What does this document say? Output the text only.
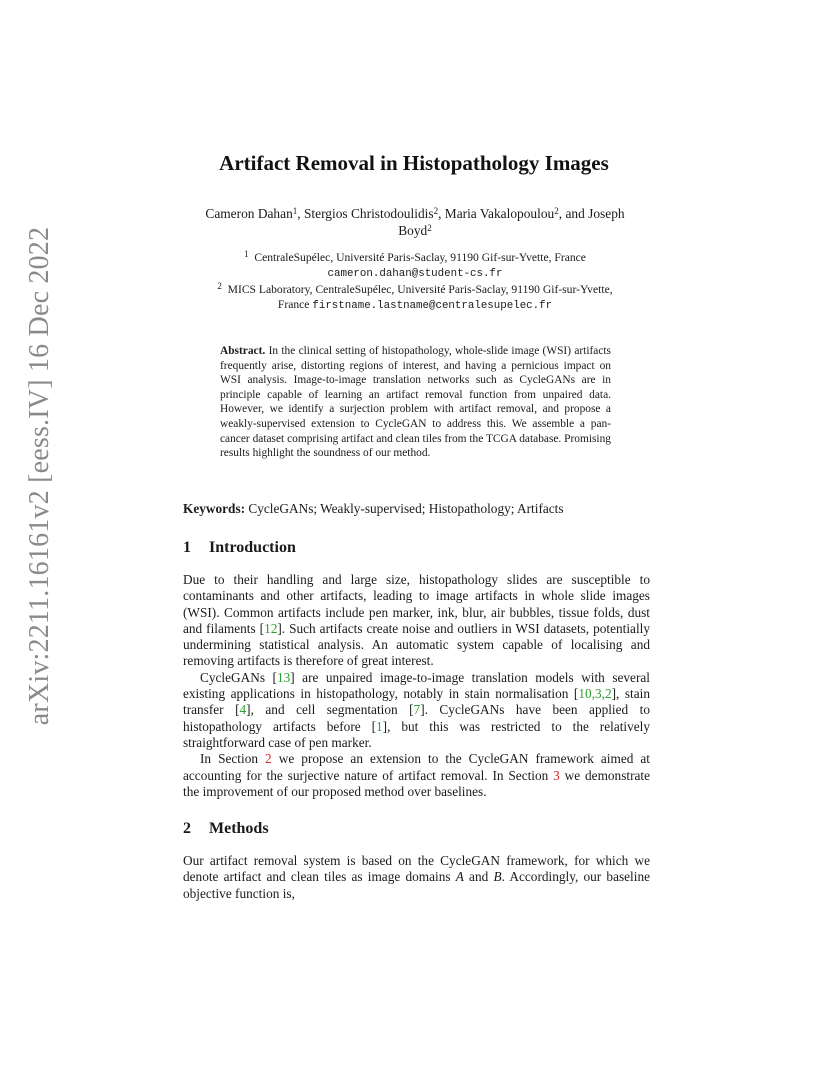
arXiv:2211.16161v2 [eess.IV] 16 Dec 2022
Artifact Removal in Histopathology Images
Cameron Dahan$^1$, Stergios Christodoulidis$^2$, Maria Vakalopoulou$^2$, and Joseph
Boyd$^2$
$^1$ CentraleSupélec, Université Paris-Saclay, 91190 Gif-sur-Yvette, France
cameron.dahan@student-cs.fr
$^2$ MICS Laboratory, CentraleSupélec, Université Paris-Saclay, 91190 Gif-sur-Yvette,
France firstname.lastname@centralesupelec.fr
Abstract. In the clinical setting of histopathology, whole-slide image (WSI) artifacts frequently arise, distorting regions of interest, and having a pernicious impact on WSI analysis. Image-to-image translation networks such as CycleGANs are in principle capable of learning an artifact removal function from unpaired data. However, we identify a surjection problem with artifact removal, and propose a weakly-supervised extension to CycleGAN to address this. We assemble a pan-cancer dataset comprising artifact and clean tiles from the TCGA database. Promising results highlight the soundness of our method.
Keywords: CycleGANs; Weakly-supervised; Histopathology; Artifacts
1 Introduction

Due to their handling and large size, histopathology slides are susceptible to contaminants and other artifacts, leading to image artifacts in whole slide images (WSI). Common artifacts include pen marker, ink, blur, air bubbles, tissue folds, dust and filaments [12]. Such artifacts create noise and outliers in WSI datasets, potentially undermining statistical analysis. An automatic system capable of localising and removing artifacts is therefore of great interest.

CycleGANs [13] are unpaired image-to-image translation models with several existing applications in histopathology, notably in stain normalisation [10,3,2], stain transfer [4], and cell segmentation [7]. CycleGANs have been applied to histopathology artifacts before [1], but this was restricted to the relatively straightforward case of pen marker.

In Section 2 we propose an extension to the CycleGAN framework aimed at accounting for the surjective nature of artifact removal. In Section 3 we demonstrate the improvement of our proposed method over baselines.

2 Methods

Our artifact removal system is based on the CycleGAN framework, for which we denote artifact and clean tiles as image domains A and B. Accordingly, our baseline objective function is,
